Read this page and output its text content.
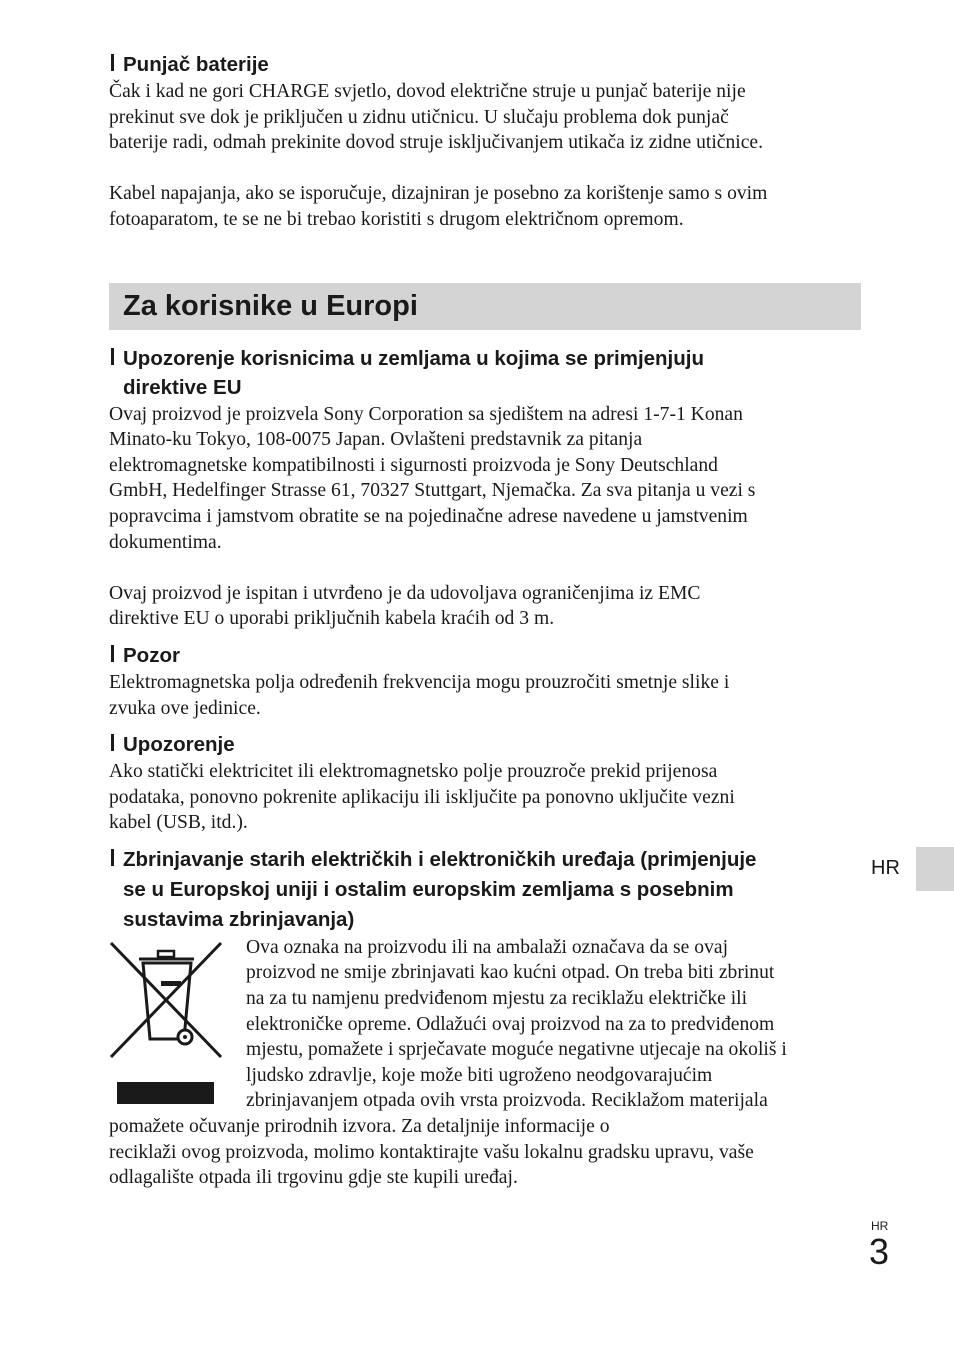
Punjač baterije
Čak i kad ne gori CHARGE svjetlo, dovod električne struje u punjač baterije nije
prekinut sve dok je priključen u zidnu utičnicu. U slučaju problema dok punjač
baterije radi, odmah prekinite dovod struje isključivanjem utikača iz zidne utičnice.
Kabel napajanja, ako se isporučuje, dizajniran je posebno za korištenje samo s ovim
fotoaparatom, te se ne bi trebao koristiti s drugom električnom opremom.
Za korisnike u Europi
Upozorenje korisnicima u zemljama u kojima se primjenjuju
direktive EU
Ovaj proizvod je proizvela Sony Corporation sa sjedištem na adresi 1-7-1 Konan
Minato-ku Tokyo, 108-0075 Japan. Ovlašteni predstavnik za pitanja
elektromagnetske kompatibilnosti i sigurnosti proizvoda je Sony Deutschland
GmbH, Hedelfinger Strasse 61, 70327 Stuttgart, Njemačka. Za sva pitanja u vezi s
popravcima i jamstvom obratite se na pojedinačne adrese navedene u jamstvenim
dokumentima.
Ovaj proizvod je ispitan i utvrđeno je da udovoljava ograničenjima iz EMC
direktive EU o uporabi priključnih kabela kraćih od 3 m.
Pozor
Elektromagnetska polja određenih frekvencija mogu prouzročiti smetnje slike i
zvuka ove jedinice.
Upozorenje
Ako statički elektricitet ili elektromagnetsko polje prouzroče prekid prijenosa
podataka, ponovno pokrenite aplikaciju ili isključite pa ponovno uključite vezni
kabel (USB, itd.).
Zbrinjavanje starih električkih i elektroničkih uređaja (primjenjuje
se u Europskoj uniji i ostalim europskim zemljama s posebnim
sustavima zbrinjavanja)
Ova oznaka na proizvodu ili na ambalaži označava da se ovaj
proizvod ne smije zbrinjavati kao kućni otpad. On treba biti zbrinut
na za tu namjenu predviđenom mjestu za reciklažu električke ili
elektroničke opreme. Odlažući ovaj proizvod na za to predviđenom
mjestu, pomažete i sprječavate moguće negativne utjecaje na okoliš i
ljudsko zdravlje, koje može biti ugroženo neodgovarajućim
zbrinjavanjem otpada ovih vrsta proizvoda. Reciklažom materijala
pomažete očuvanje prirodnih izvora. Za detaljnije informacije o
reciklaži ovog proizvoda, molimo kontaktirajte vašu lokalnu gradsku upravu, vaše
odlagalište otpada ili trgovinu gdje ste kupili uređaj.
HR
HR
3
